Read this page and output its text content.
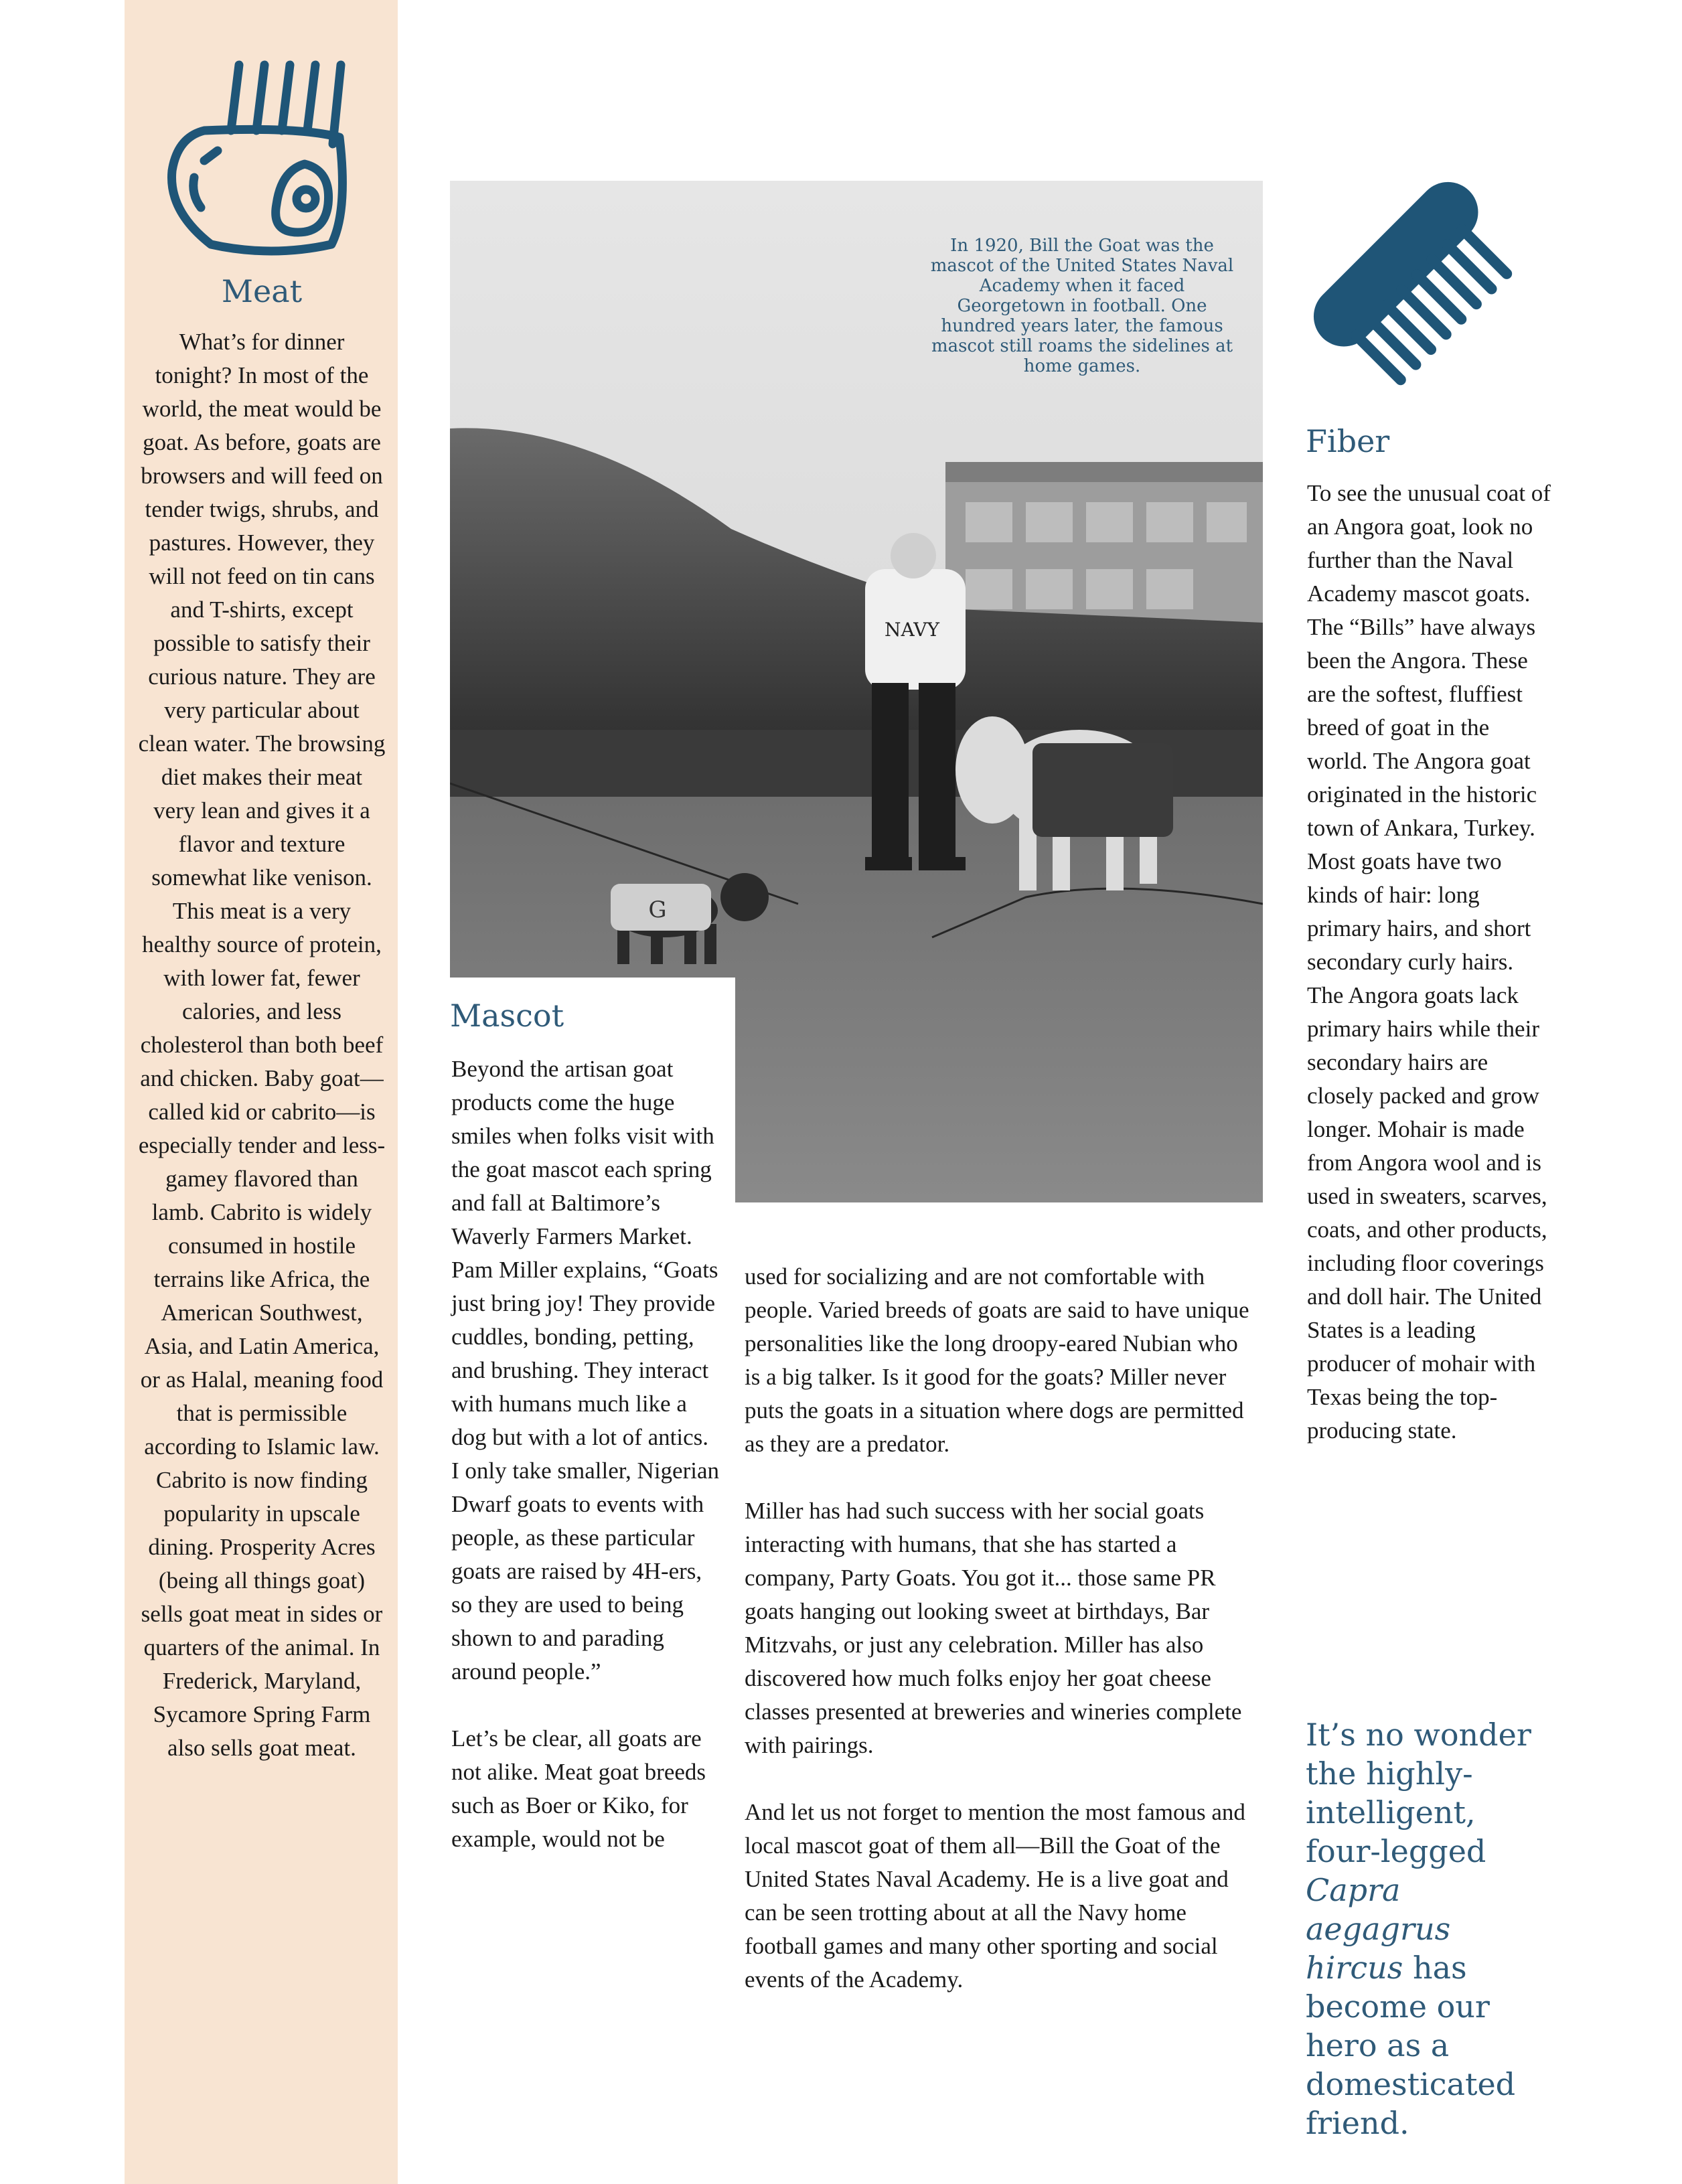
Meat

What’s for dinner tonight? In most of the world, the meat would be goat. As before, goats are browsers and will feed on tender twigs, shrubs, and pastures. However, they will not feed on tin cans and T-shirts, except possible to satisfy their curious nature. They are very particular about clean water. The browsing diet makes their meat very lean and gives it a flavor and texture somewhat like venison. This meat is a very healthy source of protein, with lower fat, fewer calories, and less cholesterol than both beef and chicken. Baby goat—called kid or cabrito—is especially tender and less-gamey flavored than lamb. Cabrito is widely consumed in hostile terrains like Africa, the American Southwest, Asia, and Latin America, or as Halal, meaning food that is permissible according to Islamic law. Cabrito is now finding popularity in upscale dining. Prosperity Acres (being all things goat) sells goat meat in sides or quarters of the animal. In Frederick, Maryland, Sycamore Spring Farm also sells goat meat.

NAVY
G

In 1920, Bill the Goat was the mascot of the United States Naval Academy when it faced Georgetown in football. One hundred years later, the famous mascot still roams the sidelines at home games.

Mascot

Beyond the artisan goat products come the huge smiles when folks visit with the goat mascot each spring and fall at Baltimore’s Waverly Farmers Market. Pam Miller explains, “Goats just bring joy! They provide cuddles, bonding, petting, and brushing. They interact with humans much like a dog but with a lot of antics. I only take smaller, Nigerian Dwarf goats to events with people, as these particular goats are raised by 4H-ers, so they are used to being shown to and parading around people.”

Let’s be clear, all goats are not alike. Meat goat breeds such as Boer or Kiko, for example, would not be

used for socializing and are not comfortable with people. Varied breeds of goats are said to have unique personalities like the long droopy-eared Nubian who is a big talker. Is it good for the goats? Miller never puts the goats in a situation where dogs are permitted as they are a predator.

Miller has had such success with her social goats interacting with humans, that she has started a company, Party Goats. You got it... those same PR goats hanging out looking sweet at birthdays, Bar Mitzvahs, or just any celebration. Miller has also discovered how much folks enjoy her goat cheese classes presented at breweries and wineries complete with pairings.

And let us not forget to mention the most famous and local mascot goat of them all—Bill the Goat of the United States Naval Academy. He is a live goat and can be seen trotting about at all the Navy home football games and many other sporting and social events of the Academy.

Fiber

To see the unusual coat of an Angora goat, look no further than the Naval Academy mascot goats. The “Bills” have always been the Angora. These are the softest, fluffiest breed of goat in the world. The Angora goat originated in the historic town of Ankara, Turkey. Most goats have two kinds of hair: long primary hairs, and short secondary curly hairs. The Angora goats lack primary hairs while their secondary hairs are closely packed and grow longer. Mohair is made from Angora wool and is used in sweaters, scarves, coats, and other products, including floor coverings and doll hair. The United States is a leading producer of mohair with Texas being the top-producing state.

It’s no wonder the highly-intelligent, four-legged Capra aegagrus hircus has become our hero as a domesticated friend.
